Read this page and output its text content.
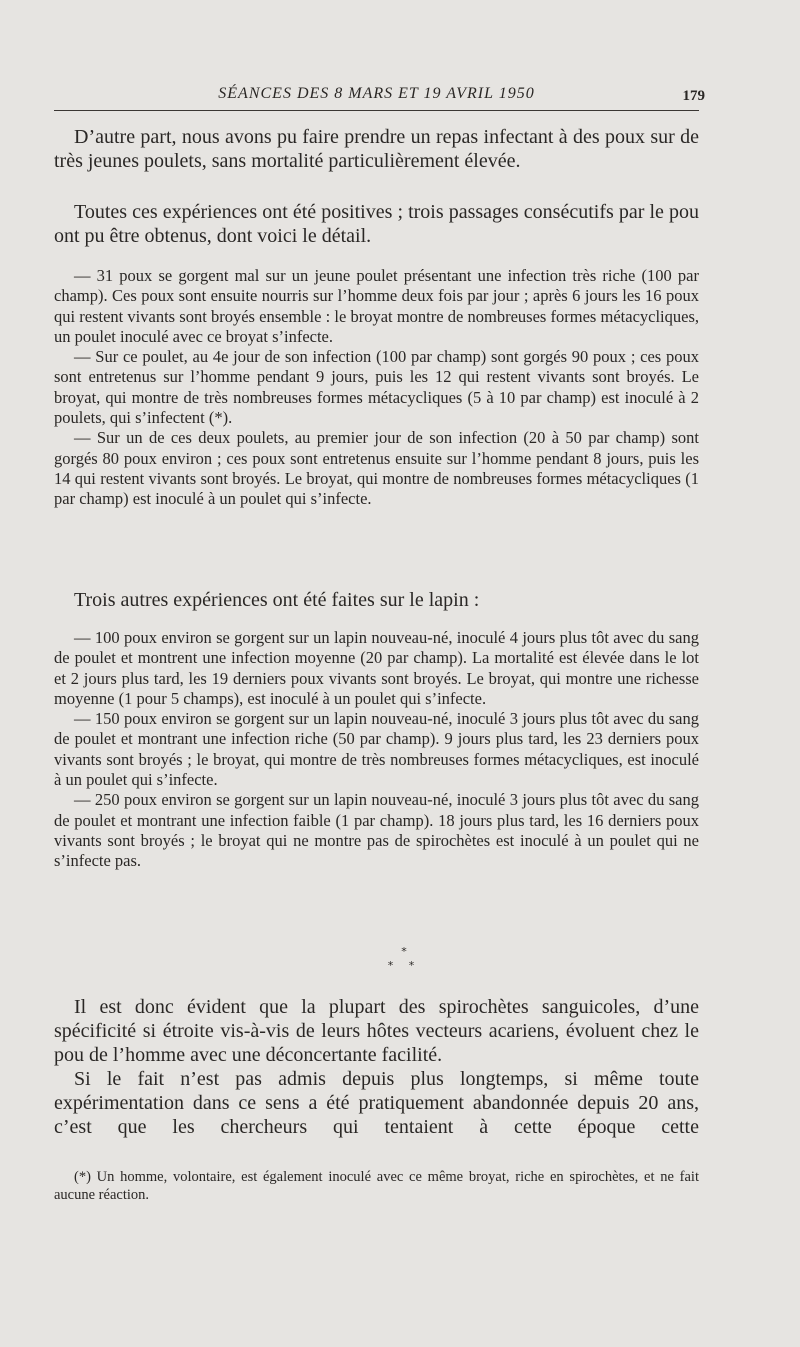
SÉANCES DES 8 MARS ET 19 AVRIL 1950	179

D’autre part, nous avons pu faire prendre un repas infectant à des poux sur de très jeunes poulets, sans mortalité particulièrement élevée.

Toutes ces expériences ont été positives ; trois passages consécutifs par le pou ont pu être obtenus, dont voici le détail.

— 31 poux se gorgent mal sur un jeune poulet présentant une infection très riche (100 par champ). Ces poux sont ensuite nourris sur l’homme deux fois par jour ; après 6 jours les 16 poux qui restent vivants sont broyés ensemble : le broyat montre de nombreuses formes métacycliques, un poulet inoculé avec ce broyat s’infecte.

— Sur ce poulet, au 4e jour de son infection (100 par champ) sont gorgés 90 poux ; ces poux sont entretenus sur l’homme pendant 9 jours, puis les 12 qui restent vivants sont broyés. Le broyat, qui montre de très nombreuses formes métacycliques (5 à 10 par champ) est inoculé à 2 poulets, qui s’infectent (*).

— Sur un de ces deux poulets, au premier jour de son infection (20 à 50 par champ) sont gorgés 80 poux environ ; ces poux sont entretenus ensuite sur l’homme pendant 8 jours, puis les 14 qui restent vivants sont broyés. Le broyat, qui montre de nombreuses formes métacycliques (1 par champ) est inoculé à un poulet qui s’infecte.

Trois autres expériences ont été faites sur le lapin :

— 100 poux environ se gorgent sur un lapin nouveau-né, inoculé 4 jours plus tôt avec du sang de poulet et montrent une infection moyenne (20 par champ). La mortalité est élevée dans le lot et 2 jours plus tard, les 19 derniers poux vivants sont broyés. Le broyat, qui montre une richesse moyenne (1 pour 5 champs), est inoculé à un poulet qui s’infecte.

— 150 poux environ se gorgent sur un lapin nouveau-né, inoculé 3 jours plus tôt avec du sang de poulet et montrant une infection riche (50 par champ). 9 jours plus tard, les 23 derniers poux vivants sont broyés ; le broyat, qui montre de très nombreuses formes métacycliques, est inoculé à un poulet qui s’infecte.

— 250 poux environ se gorgent sur un lapin nouveau-né, inoculé 3 jours plus tôt avec du sang de poulet et montrant une infection faible (1 par champ). 18 jours plus tard, les 16 derniers poux vivants sont broyés ; le broyat qui ne montre pas de spirochètes est inoculé à un poulet qui ne s’infecte pas.

*
* *

Il est donc évident que la plupart des spirochètes sanguicoles, d’une spécificité si étroite vis-à-vis de leurs hôtes vecteurs acariens, évoluent chez le pou de l’homme avec une déconcertante facilité.

Si le fait n’est pas admis depuis plus longtemps, si même toute expérimentation dans ce sens a été pratiquement abandonnée depuis 20 ans, c’est que les chercheurs qui tentaient à cette époque cette

(*) Un homme, volontaire, est également inoculé avec ce même broyat, riche en spirochètes, et ne fait aucune réaction.
